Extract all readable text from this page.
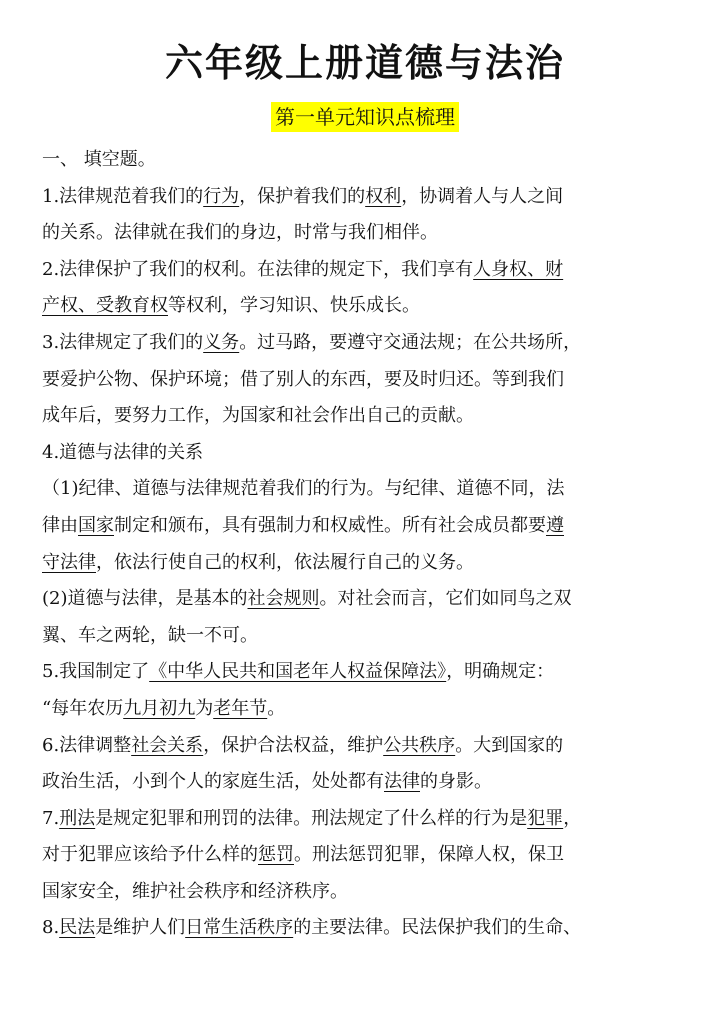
六年级上册道德与法治
第一单元知识点梳理
一、 填空题。
1.法律规范着我们的行为，保护着我们的权利，协调着人与人之间
的关系。法律就在我们的身边，时常与我们相伴。
2.法律保护了我们的权利。在法律的规定下，我们享有人身权、财
产权、受教育权等权利，学习知识、快乐成长。
3.法律规定了我们的义务。过马路，要遵守交通法规；在公共场所，
要爱护公物、保护环境；借了别人的东西，要及时归还。等到我们
成年后，要努力工作，为国家和社会作出自己的贡献。
4.道德与法律的关系
（1)纪律、道德与法律规范着我们的行为。与纪律、道德不同，法
律由国家制定和颁布，具有强制力和权威性。所有社会成员都要遵
守法律，依法行使自己的权利，依法履行自己的义务。
(2)道德与法律，是基本的社会规则。对社会而言，它们如同鸟之双
翼、车之两轮，缺一不可。
5.我国制定了《中华人民共和国老年人权益保障法》，明确规定：
“每年农历九月初九为老年节。
6.法律调整社会关系，保护合法权益，维护公共秩序。大到国家的
政治生活，小到个人的家庭生活，处处都有法律的身影。
7.刑法是规定犯罪和刑罚的法律。刑法规定了什么样的行为是犯罪，
对于犯罪应该给予什么样的惩罚。刑法惩罚犯罪，保障人权，保卫
国家安全，维护社会秩序和经济秩序。
8.民法是维护人们日常生活秩序的主要法律。民法保护我们的生命、
